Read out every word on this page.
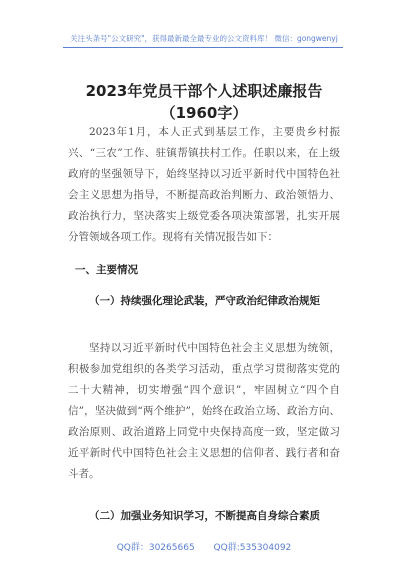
关注头条号"公文研究"，获得最新最全最专业的公文资料库！ 微信：gongwenyj
2023年党员干部个人述职述廉报告（1960字）
2023年1月，本人正式到基层工作，主要贵乡村振兴、“三农”工作、驻镇帮镇扶村工作。任职以来，在上级政府的坚强领导下，始终坚持以习近平新时代中国特色社会主义思想为指导，不断提高政治判断力、政治领悟力、政治执行力，坚决落实上级党委各项决策部署，扎实开展分管领域各项工作。现将有关情况报告如下：
一、主要情况
（一）持续强化理论武装，严守政治纪律政治规矩
坚持以习近平新时代中国特色社会主义思想为统领，积极参加党组织的各类学习活动，重点学习贯彻落实党的二十大精神，切实增强“四个意识”，牢固树立“四个自信”，坚决做到“两个维护”，始终在政治立场、政治方向、政治原则、政治道路上同党中央保持高度一致，坚定做习近平新时代中国特色社会主义思想的信仰者、践行者和奋斗者。
（二）加强业务知识学习，不断提高自身综合素质
QQ群：30265665 QQ群:535304092
